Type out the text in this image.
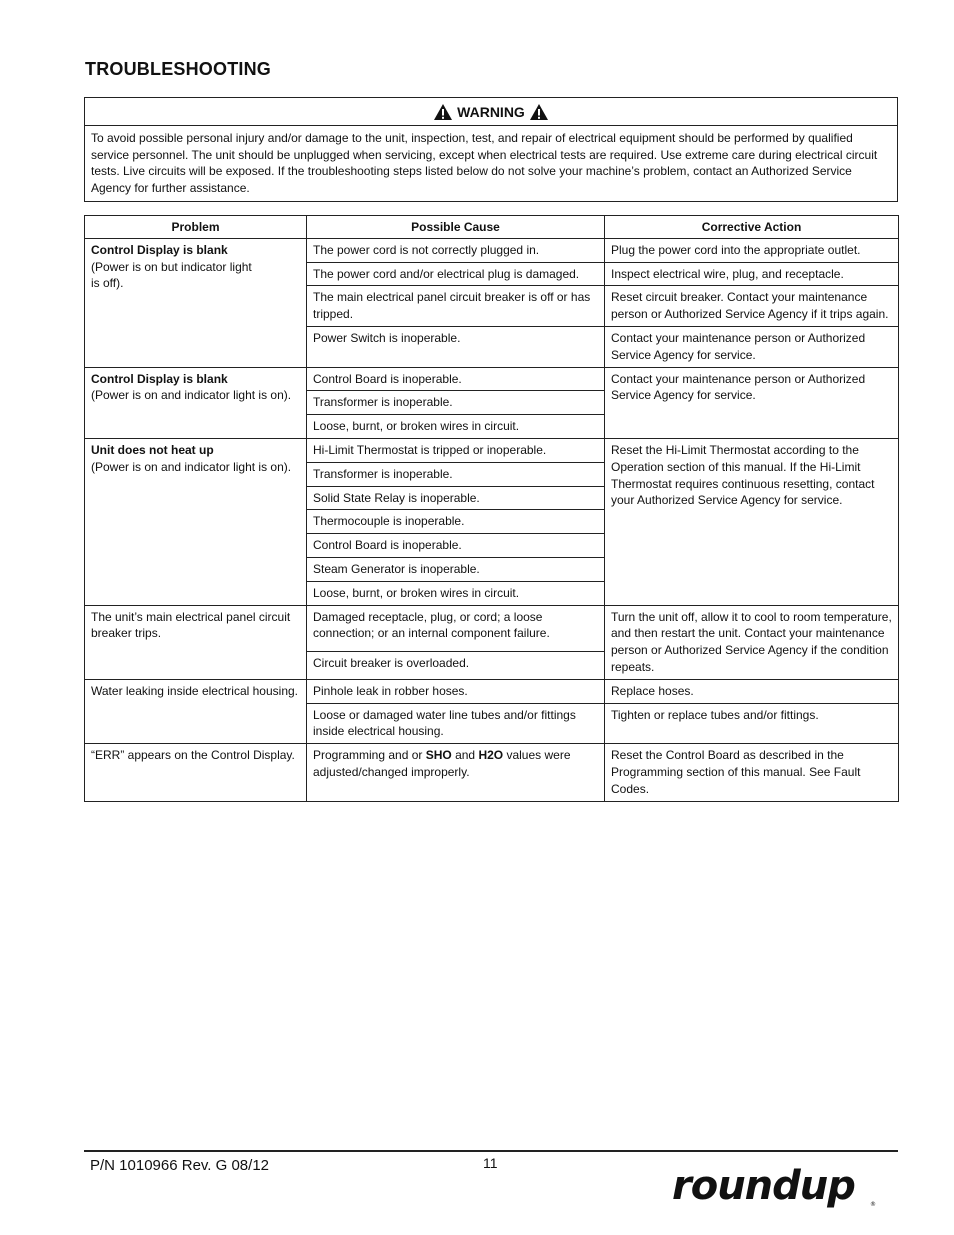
TROUBLESHOOTING
WARNING
To avoid possible personal injury and/or damage to the unit, inspection, test, and repair of electrical equipment should be performed by qualified service personnel. The unit should be unplugged when servicing, except when electrical tests are required. Use extreme care during electrical circuit tests. Live circuits will be exposed. If the troubleshooting steps listed below do not solve your machine’s problem, contact an Authorized Service Agency for further assistance.
Problem	Possible Cause	Corrective Action

Control Display is blank
(Power is on but indicator light is off).	The power cord is not correctly plugged in.	Plug the power cord into the appropriate outlet.
	The power cord and/or electrical plug is damaged.	Inspect electrical wire, plug, and receptacle.
	The main electrical panel circuit breaker is off or has tripped.	Reset circuit breaker. Contact your maintenance person or Authorized Service Agency if it trips again.
	Power Switch is inoperable.	Contact your maintenance person or Authorized Service Agency for service.

Control Display is blank
(Power is on and indicator light is on).	Control Board is inoperable.	Contact your maintenance person or Authorized Service Agency for service.
	Transformer is inoperable.	
	Loose, burnt, or broken wires in circuit.	

Unit does not heat up
(Power is on and indicator light is on).	Hi-Limit Thermostat is tripped or inoperable.	Reset the Hi-Limit Thermostat according to the Operation section of this manual. If the Hi-Limit Thermostat requires continuous resetting, contact your Authorized Service Agency for service.
	Transformer is inoperable.	
	Solid State Relay is inoperable.	
	Thermocouple is inoperable.	
	Control Board is inoperable.	
	Steam Generator is inoperable.	
	Loose, burnt, or broken wires in circuit.	
The unit’s main electrical panel circuit breaker trips.	Damaged receptacle, plug, or cord; a loose connection; or an internal component failure.	Turn the unit off, allow it to cool to room temperature, and then restart the unit. Contact your maintenance person or Authorized Service Agency if the condition repeats.
	Circuit breaker is overloaded.	
Water leaking inside electrical housing.	Pinhole leak in robber hoses.	Replace hoses.
	Loose or damaged water line tubes and/or fittings inside electrical housing.	Tighten or replace tubes and/or fittings.
“ERR” appears on the Control Display.	Programming and or SHO and H2O values were adjusted/changed improperly.	Reset the Control Board as described in the Programming section of this manual. See Fault Codes.
P/N 1010966 Rev. G 08/12	11	roundup	®
